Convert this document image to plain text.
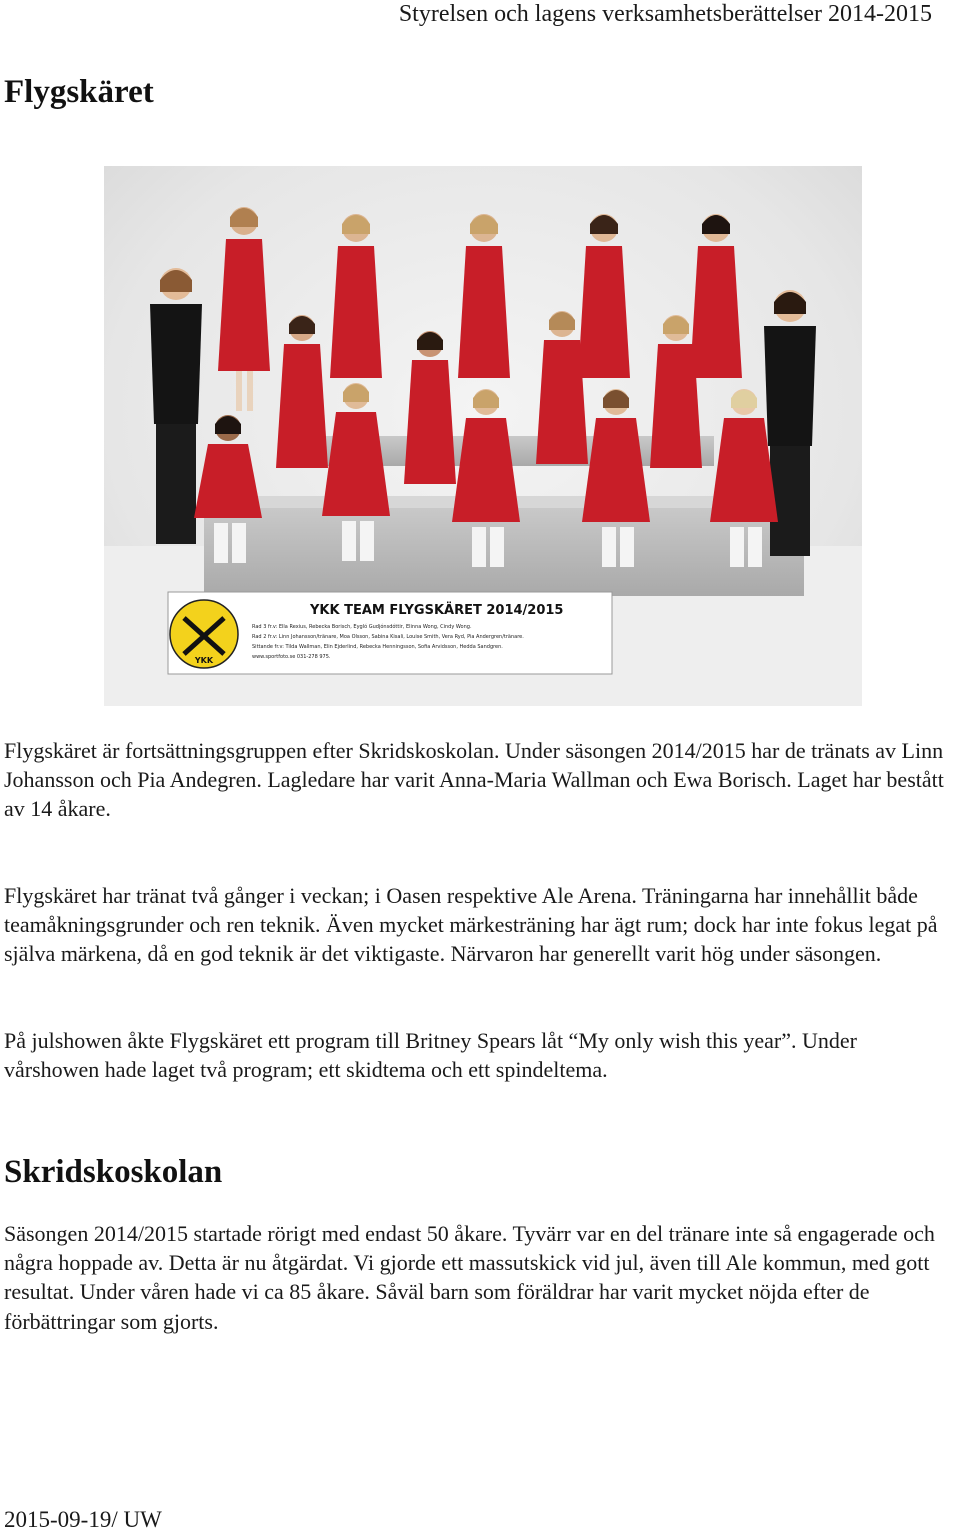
Styrelsen och lagens verksamhetsberättelser 2014-2015
Flygskäret
YKK
YKK TEAM FLYGSKÄRET 2014/2015
Rad 3 fr.v: Ella Rexius, Rebecka Borisch, Eygló Gudjónsdóttir, Elinna Wong, Cindy Wong.
Rad 2 fr.v: Linn Johansson/tränare, Moa Olsson, Sabina Kisali, Louise Smith, Vera Ryd, Pia Andergren/tränare.
Sittande fr.v: Tilda Wallman, Elin Ejderlind, Rebecka Henningsson, Sofia Arvidsson, Hedda Sandgren.
www.sportfoto.se 031-278 975.

Flygskäret är fortsättningsgruppen efter Skridskoskolan. Under säsongen 2014/2015 har de tränats av Linn Johansson och Pia Andegren. Lagledare har varit Anna-Maria Wallman och Ewa Borisch. Laget har bestått av 14 åkare.

Flygskäret har tränat två gånger i veckan; i Oasen respektive Ale Arena. Träningarna har innehållit både teamåkningsgrunder och ren teknik. Även mycket märkesträning har ägt rum; dock har inte fokus legat på själva märkena, då en god teknik är det viktigaste. Närvaron har generellt varit hög under säsongen.

På julshowen åkte Flygskäret ett program till Britney Spears låt “My only wish this year”. Under vårshowen hade laget två program; ett skidtema och ett spindeltema.

Skridskoskolan

Säsongen 2014/2015 startade rörigt med endast 50 åkare. Tyvärr var en del tränare inte så engagerade och några hoppade av. Detta är nu åtgärdat. Vi gjorde ett massutskick vid jul, även till Ale kommun, med gott resultat. Under våren hade vi ca 85 åkare. Såväl barn som föräldrar har varit mycket nöjda efter de förbättringar som gjorts.

2015-09-19/ UW
